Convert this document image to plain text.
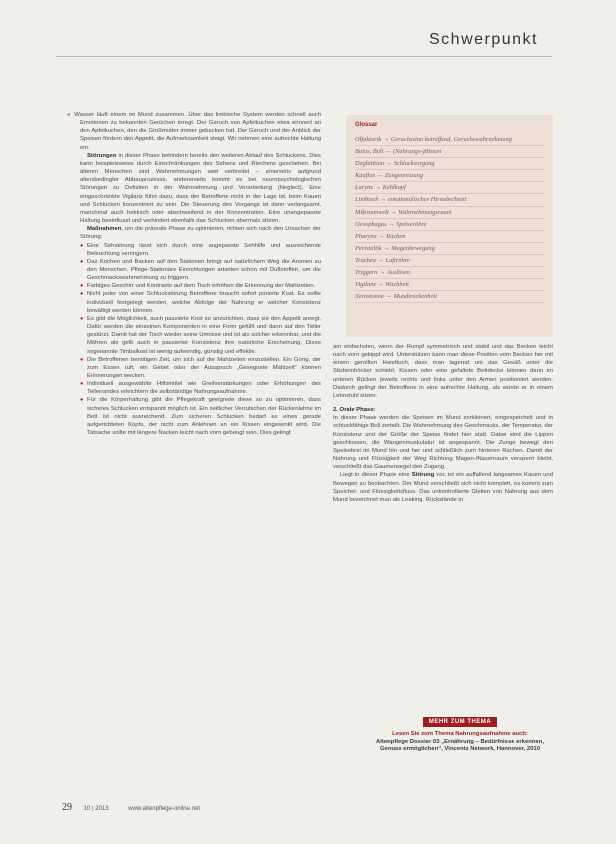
Schwerpunkt

» Wasser läuft einem im Mund zusammen. Über das limbische System werden schnell auch Emotionen zu bekannten Gerüchen erregt. Der Geruch von Apfelkuchen etwa erinnert an den Apfelkuchen, den die Großmutter immer gebacken hat. Der Geruch und der Anblick der Speisen fördern den Appetit, die Aufmerksamkeit steigt. Wir nehmen eine aufrechte Haltung ein.

Störungen in dieser Phase behindern bereits den weiteren Ablauf des Schluckens. Dies kann beispielsweise durch Einschränkungen des Sehens und Riechens geschehen. Bei älteren Menschen sind Wahrnehmungen weit verbreitet – einerseits aufgrund altersbedingter Abbauprozesse, andererseits kommt es bei neuropsychologischen Störungen zu Defiziten in der Wahrnehmung und Verarbeitung (Neglect). Eine eingeschränkte Vigilanz führt dazu, dass der Betroffene nicht in der Lage ist, beim Kauen und Schlucken konzentriert zu sein. Die Steuerung des Vorgangs ist dann verlangsamt, manchmal auch hektisch oder abschweifend in der Konzentration. Eine unangepasste Haltung beeinflusst und verhindert ebenfalls das Schlucken abermals stören.

Maßnahmen, um die präorale Phase zu optimieren, richten sich nach den Ursachen der Störung:

● Eine Sehstörung lässt sich durch eine angepasste Sehhilfe und ausreichende Beleuchtung verringern.

● Das Kochen und Backen auf den Stationen bringt auf natürlichem Weg die Aromen zu den Menschen. Pflege-Stationäre Einrichtungen arbeiten schon mit Duftstoffen, um die Geschmackswahrnehmung zu triggern.

● Farbiges Geschirr und Kontraste auf dem Tisch erhöhen die Erkennung der Mahlzeiten.

● Nicht jeder von einer Schluckstörung Betroffene braucht sofort pürierte Kost. Es sollte individuell festgelegt werden, welche Abfolge der Nahrung er welcher Konsistenz bewältigt werden können.

● Es gibt die Möglichkeit, auch passierte Kost so anzurichten, dass sie den Appetit anregt. Dafür werden die einzelnen Komponenten in eine Form gefüllt und dann auf den Teller gestürzt. Damit hat der Tisch wieder seine Umrisse und ist als solcher erkennbar, und die Möhren als gelb auch in passierter Konsistenz ihre natürliche Erscheinung. Diese sogenannte Timbalkost ist wenig aufwendig, günstig und effektiv.

● Die Betroffenen benötigen Zeit, um sich auf die Mahlzeiten einzustellen. Ein Gong, der zum Essen ruft, ein Gebet oder der Ausspruch „Gesegnete Mahlzeit“ können Erinnerungen wecken.

● Individuell ausgewählte Hilfsmittel wie Greifverstärkungen oder Erhöhungen des Tellerrandes erleichtern die selbständige Nahrungsaufnahme.

● Für die Körperhaltung gibt die Pflegekraft geeignete diese so zu optimieren, dass sicheres Schlucken entspannt möglich ist. Ein seitlicher Verrutschen der Rückenlehne im Bett ist nicht ausreichend. Zum sicheren Schlucken bedarf es eines gerade aufgerichteten Kopfs, der nicht zum Anlehnen an ein Kissen eingesenkt wird. Die Tatsache sollte mit längere Nacken leicht nach vorn gebeugt sein. Dies gelingt

Glossar
Olfaktorik → Geruchssinn betreffend, Geruchswahrnehmung
Bolus, Boli → (Nahrungs-)Bissen
Deglutition → Schluckvorgang
Kauflux → Zungenreizung
Larynx → Kehlkopf
Limbisch → emotionalischer Hirnabschnitt
Mikroumwelt → Wahrnehmungsraum
Oesophagus → Speiseröhre
Pharynx → Rachen
Peristaltik → Magenbewegung
Trachea → Luftröhre
Triggern → Auslösen
Vigilanz → Wachheit
Xerostomie → Mundtrockenheit

am einfachsten, wenn der Rumpf symmetrisch und stabil und das Becken leicht nach vorn gekippt wird. Unterstützen kann man diese Position vom Becken her mit einem gerollten Handtuch, dass man lagernd um das Gesäß unter die Sitzbeinhöcker schiebt. Kissen oder eine gefaltete Bettdecke können dann im unteren Rücken jeweils rechts und links unter den Armen positioniert werden. Dadurch gelingt der Betroffene in eine aufrechte Haltung, als würde er in einem Lehnstuhl sitzen.

2. Orale Phase:

In dieser Phase werden die Speisen im Mund zerkleinert, eingespeichelt und in schluckfähige Boli zerteilt. Die Wahrnehmung des Geschmacks, der Temperatur, der Konsistenz und der Größe der Speise findet hier statt. Dabei sind die Lippen geschlossen, die Wangenmuskulatur ist angespannt. Die Zunge bewegt den Speisebrei im Mund hin und her und schließlich zum hinteren Rachen. Damit der Nahrung und Flüssigkeit der Weg Richtung Magen-/Nasenraum versperrt bleibt, verschließt das Gaumensegel den Zugang.

Liegt in dieser Phase eine Störung vor, ist ein auffallend langsames Kauen und Bewegen zu beobachten. Der Mund verschließt sich nicht komplett, es kommt zum Speichel- und Flüssigkeitsfluss. Das unkontrollierte Gleiten von Nahrung aus dem Mund bezeichnet man als Leaking. Rückstände in

MEHR ZUM THEMA
Lesen Sie zum Thema Nahrungsaufnahme auch:
Altenpflege Dossier 03 „Ernährung – Bedürfnisse erkennen, Genuss ermöglichen“, Vincentz Network, Hannover, 2010
29 10 | 2013	www.altenpflege-online.net
